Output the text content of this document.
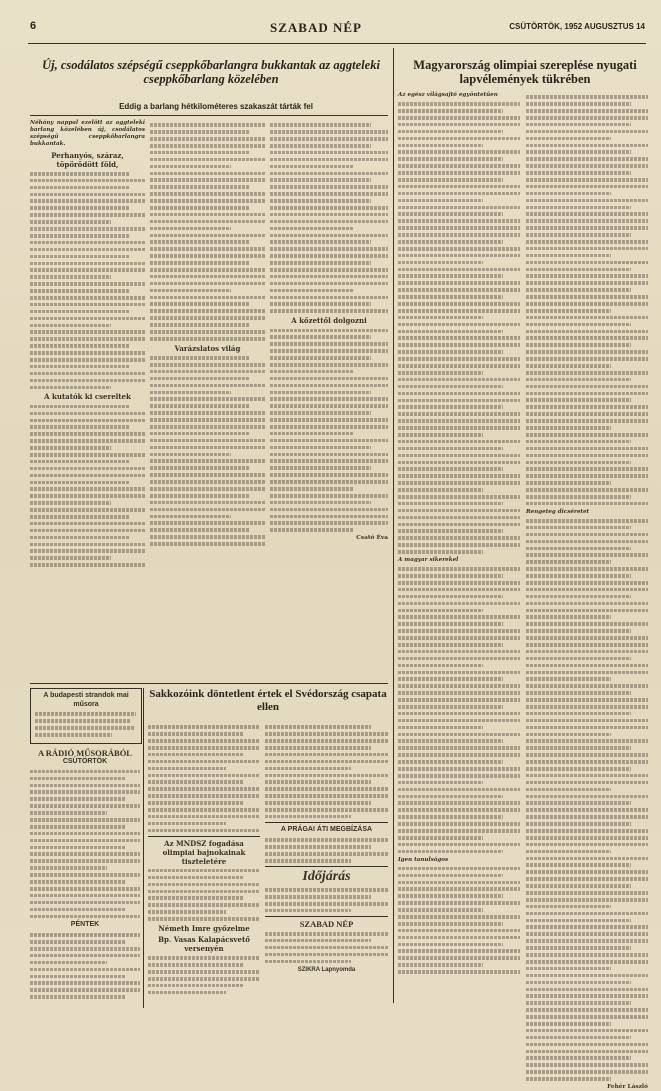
6	SZABAD NÉP	CSÜTÖRTÖK, 1952 AUGUSZTUS 14
Új, csodálatos szépségű cseppkőbarlangra bukkantak az aggteleki cseppkőbarlang közelében
Eddig a barlang hétkilométeres szakaszát tárták fel
Magyarország olimpiai szereplése nyugati lapvélemények tükrében
Néhány nappal ezelőtt az aggteleki barlang közelében új, csodálatos szépségű cseppkőbarlangra bukkantak.
Perhanyós, száraz, töpörödött föld,
A kutatók ki csereltek
Varázslatos világ
A kőzettől dolgozni
Csató Éva
A budapesti strandok mai műsora
A RÁDIÓ MŰSORÁBÓL
CSÜTÖRTÖK
PÉNTEK
Sakkozóink döntetlent értek el Svédország csapata ellen
Az MNDSZ fogadása olimpiai bajnokainak tiszteletére
Németh Imre győzelme
Bp. Vasas Kalapácsvető versenyén
A PRÁGAI ÁTI MEGBÍZÁSA
Időjárás
SZABAD NÉP
SZIKRA Lapnyomda
Az egész világsajtó egyöntetűen
A magyar sikerekel
Igen tanulságos
Rengeteg dicséretet
Fehér László
